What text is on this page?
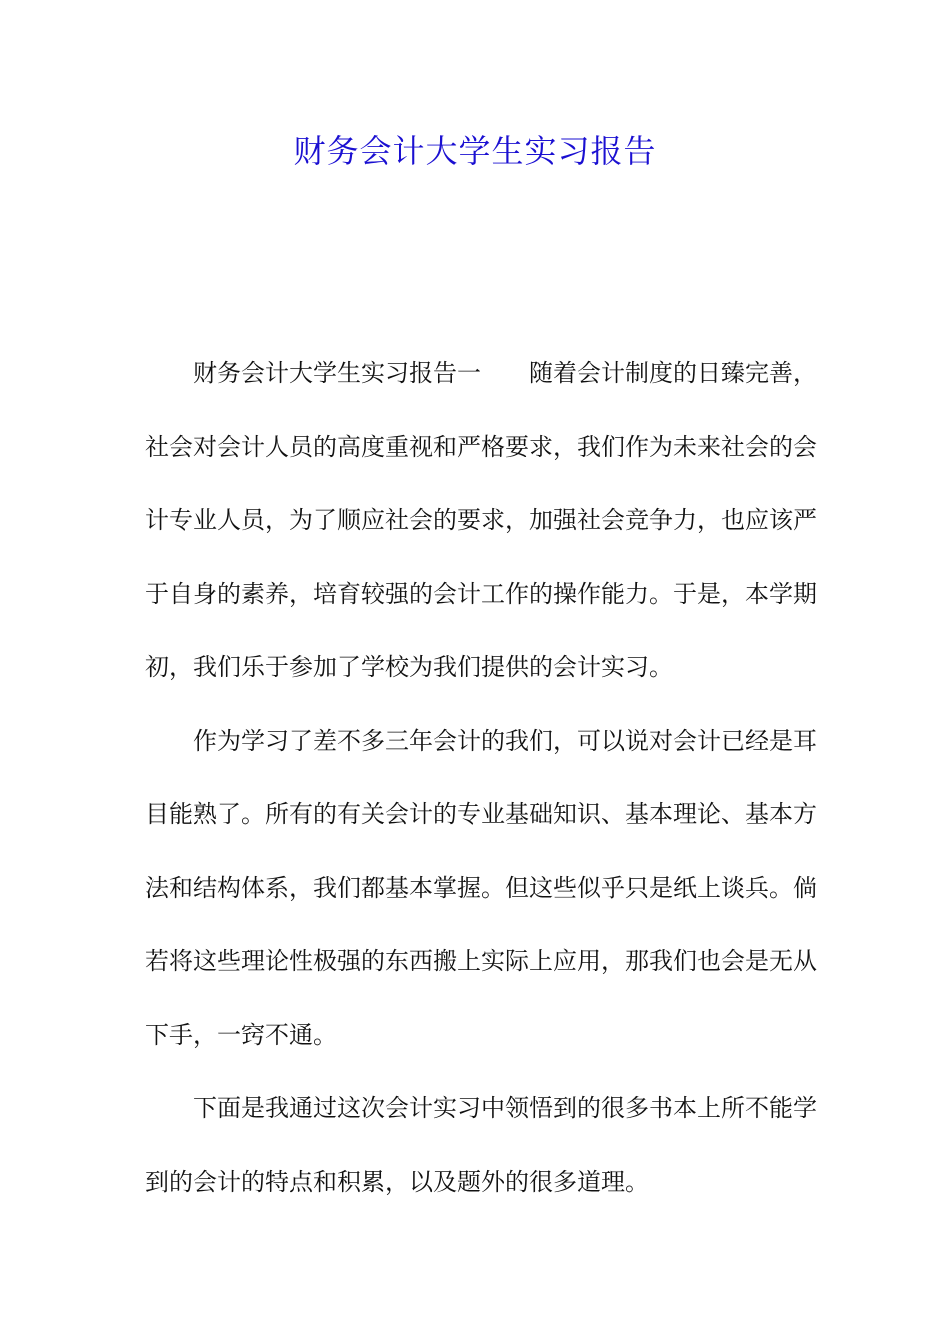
财务会计大学生实习报告

财务会计大学生实习报告一　　随着会计制度的日臻完善，社会对会计人员的高度重视和严格要求，我们作为未来社会的会计专业人员，为了顺应社会的要求，加强社会竞争力，也应该严于自身的素养，培育较强的会计工作的操作能力。于是，本学期初，我们乐于参加了学校为我们提供的会计实习。

作为学习了差不多三年会计的我们，可以说对会计已经是耳目能熟了。所有的有关会计的专业基础知识、基本理论、基本方法和结构体系，我们都基本掌握。但这些似乎只是纸上谈兵。倘若将这些理论性极强的东西搬上实际上应用，那我们也会是无从下手，一窍不通。

下面是我通过这次会计实习中领悟到的很多书本上所不能学到的会计的特点和积累，以及题外的很多道理。
